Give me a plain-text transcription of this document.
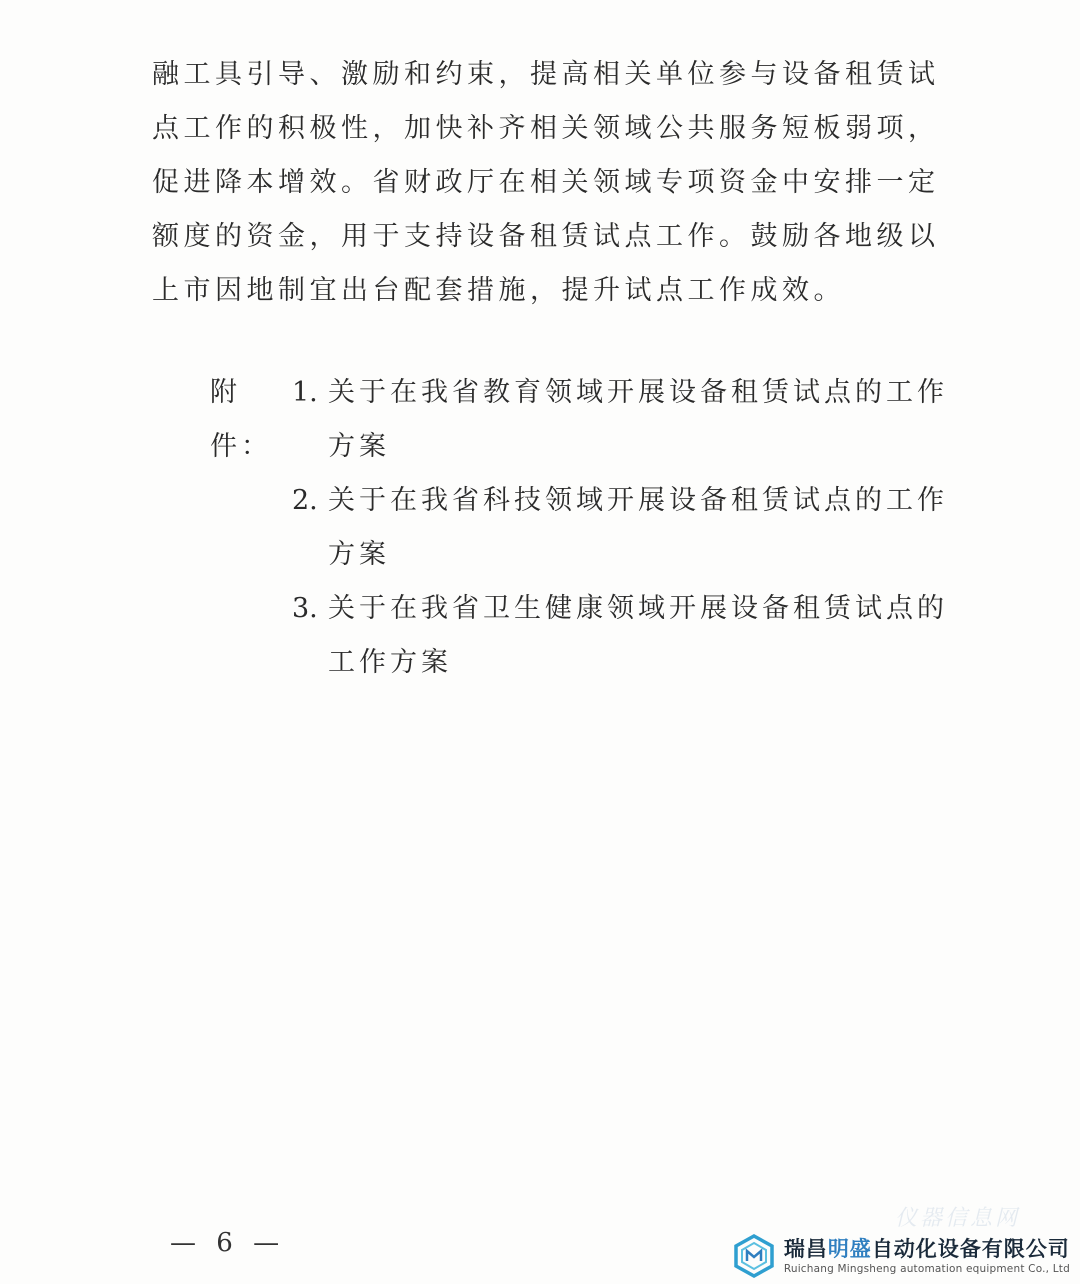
融工具引导、激励和约束，提高相关单位参与设备租赁试点工作的积极性，加快补齐相关领域公共服务短板弱项，促进降本增效。省财政厅在相关领域专项资金中安排一定额度的资金，用于支持设备租赁试点工作。鼓励各地级以上市因地制宜出台配套措施，提升试点工作成效。

附件：
1. 关于在我省教育领域开展设备租赁试点的工作方案
2. 关于在我省科技领域开展设备租赁试点的工作方案
3. 关于在我省卫生健康领域开展设备租赁试点的工作方案
— 6 —
仪器信息网
瑞昌明盛自动化设备有限公司
Ruichang Mingsheng automation equipment Co., Ltd
